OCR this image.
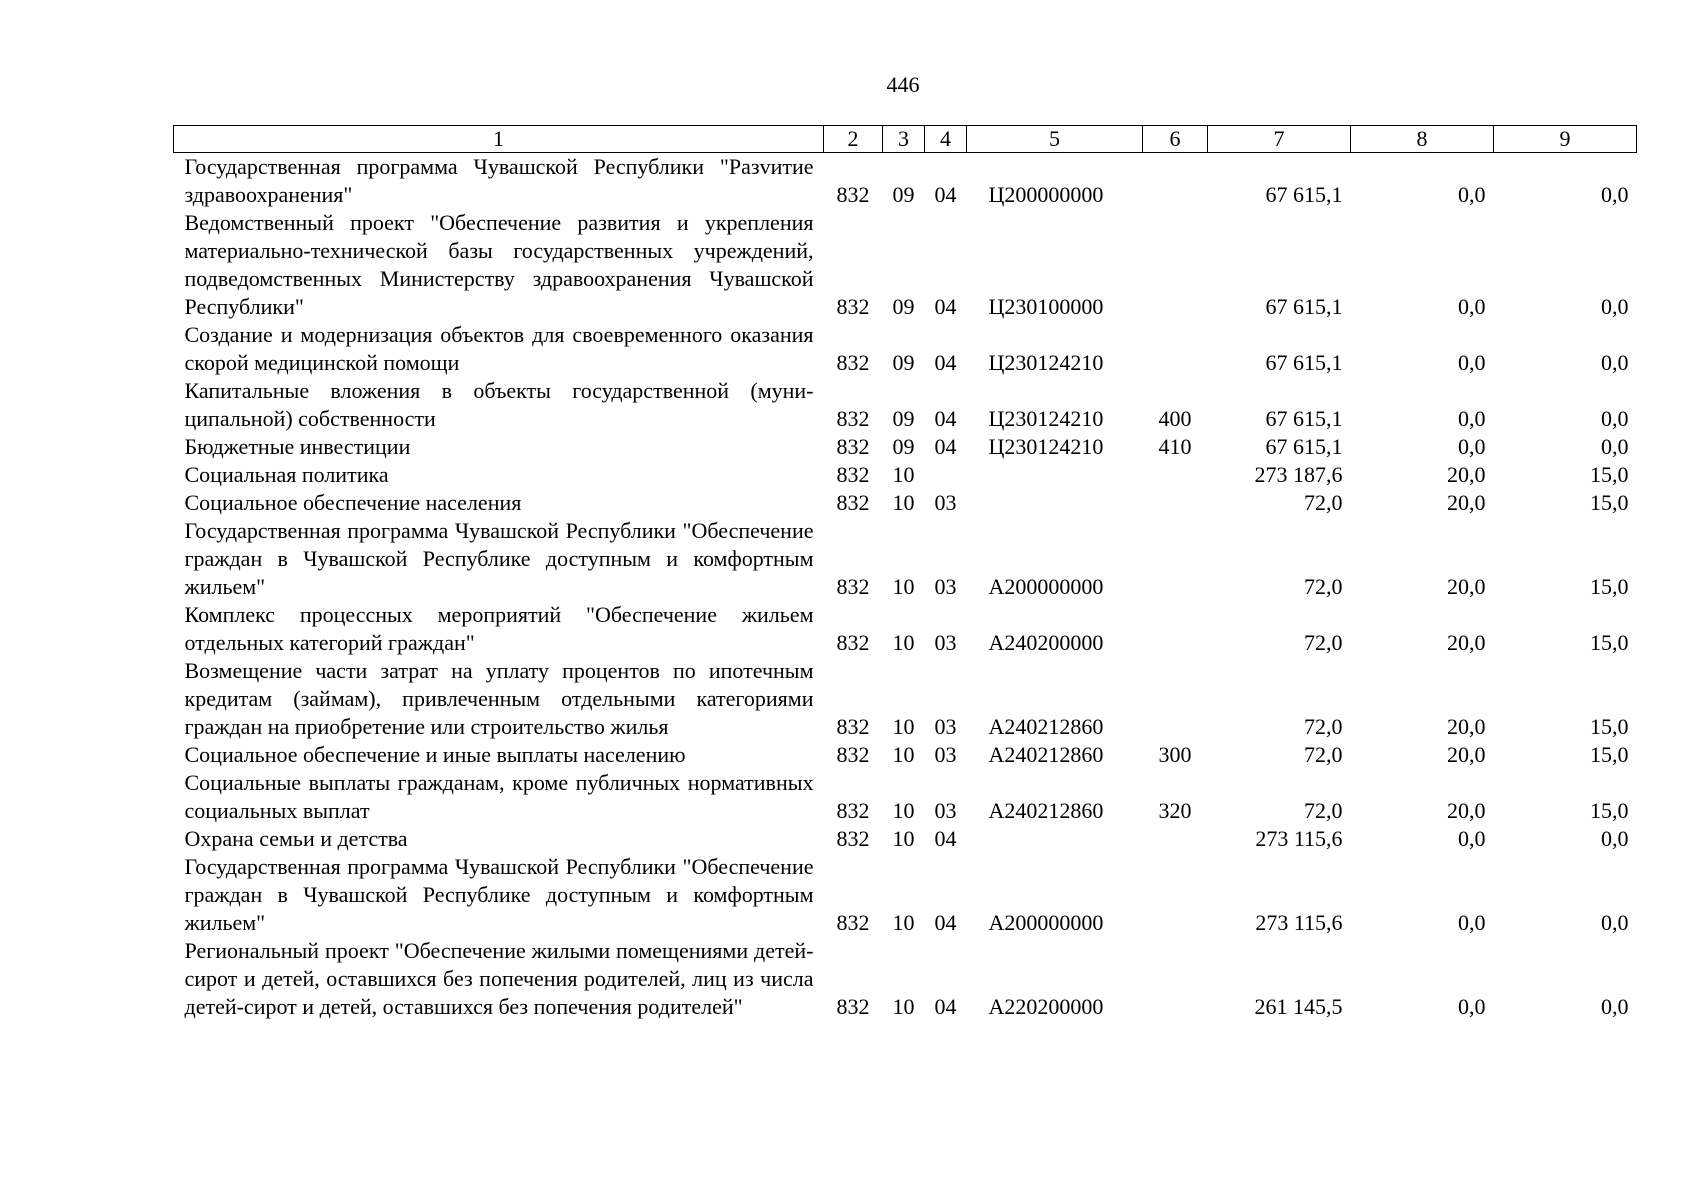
446
1	2	3	4	5	6	7	8	9
Государственная программа Чувашской Республики "Разvитие здравоохранения"	832	09	04	Ц200000000		67 615,1	0,0	0,0
Ведомственный проект "Обеспечение развития и укрепления материально-технической базы государственных учреждений, подведомственных Министерству здравоохранения Чувашской Республики"	832	09	04	Ц230100000		67 615,1	0,0	0,0
Создание и модернизация объектов для своевременного оказания скорой медицинской помощи	832	09	04	Ц230124210		67 615,1	0,0	0,0
Капитальные вложения в объекты государственной (муниципальной) собственности	832	09	04	Ц230124210	400	67 615,1	0,0	0,0
Бюджетные инвестиции	832	09	04	Ц230124210	410	67 615,1	0,0	0,0
Социальная политика	832	10				273 187,6	20,0	15,0
Социальное обеспечение населения	832	10	03			72,0	20,0	15,0
Государственная программа Чувашской Республики "Обеспечение граждан в Чувашской Республике доступным и комфортным жильем"	832	10	03	А200000000		72,0	20,0	15,0
Комплекс процессных мероприятий "Обеспечение жильем отдельных категорий граждан"	832	10	03	А240200000		72,0	20,0	15,0
Возмещение части затрат на уплату процентов по ипотечным кредитам (займам), привлеченным отдельными категориями граждан на приобретение или строительство жилья	832	10	03	А240212860		72,0	20,0	15,0
Социальное обеспечение и иные выплаты населению	832	10	03	А240212860	300	72,0	20,0	15,0
Социальные выплаты гражданам, кроме публичных нормативных социальных выплат	832	10	03	А240212860	320	72,0	20,0	15,0
Охрана семьи и детства	832	10	04			273 115,6	0,0	0,0
Государственная программа Чувашской Республики "Обеспечение граждан в Чувашской Республике доступным и комфортным жильем"	832	10	04	А200000000		273 115,6	0,0	0,0
Региональный проект "Обеспечение жилыми помещениями детей-сирот и детей, оставшихся без попечения родителей, лиц из числа детей-сирот и детей, оставшихся без попечения родителей"	832	10	04	А220200000		261 145,5	0,0	0,0
